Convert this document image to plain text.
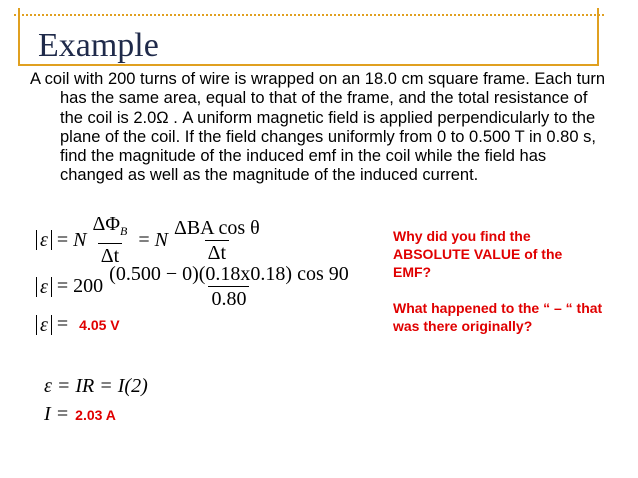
Example
A coil with 200 turns of wire is wrapped on an 18.0 cm square frame. Each turn has the same area, equal to that of the frame, and the total resistance of the coil is 2.0Ω . A uniform magnetic field is applied perpendicularly to the plane of the coil. If the field changes uniformly from 0 to 0.500 T in 0.80 s, find the magnitude of the induced emf in the coil while the field has changed as well as the magnitude of the induced current.
ε = N $\frac{\Delta\Phi_B}{\Delta t} = N \frac{\text{ΔBA cos θ}}{\Delta t}$
$\varepsilon = 200 \frac{(0.500 - 0)(0.18x0.18) \cos 90}{0.80}$
ε = 4.05 V
ε = IR = I(2)
I = 2.03 A
Why did you find the ABSOLUTE VALUE of the EMF?
What happened to the “ – “ that was there originally?
